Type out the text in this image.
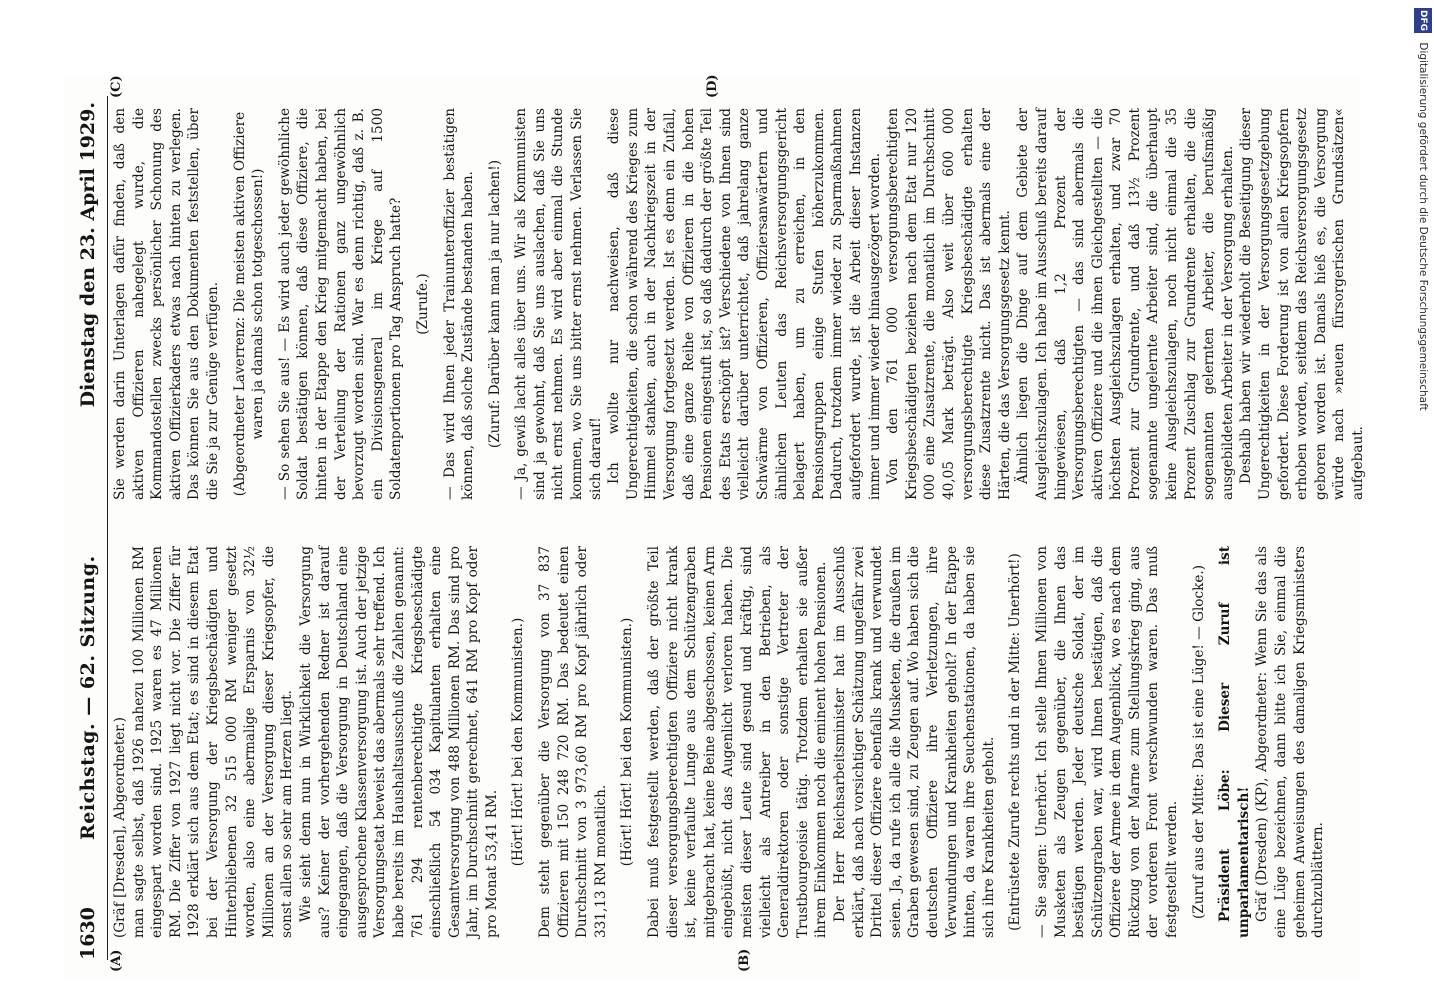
1630
Reichstag. — 62. Sitzung.
Dienstag den 23. April 1929.
(A)	(B)
(C)	(D)

(Gräf [Dresden], Abgeordneter.) man sagte selbst, daß 1926 nahezu 100 Millionen RM eingespart worden sind. 1925 waren es 47 Millionen RM. Die Ziffer von 1927 liegt nicht vor. Die Ziffer für 1928 erklärt sich aus dem Etat; es sind in diesem Etat bei der Versorgung der Kriegsbeschädigten und Hinterbliebenen 32 515 000 RM weniger gesetzt worden, also eine abermalige Ersparnis von 32½ Millionen an der Versorgung dieser Kriegsopfer, die sonst allen so sehr am Herzen liegt. Wie sieht denn nun in Wirklichkeit die Versorgung aus? Keiner der vorhergehenden Redner ist darauf eingegangen, daß die Versorgung in Deutschland eine ausgesprochene Klassenversorgung ist. Auch der jetzige Versorgungsetat beweist das abermals sehr treffend. Ich habe bereits im Haushaltsausschuß die Zahlen genannt: 761 294 rentenberechtigte Kriegsbeschädigte einschließlich 54 034 Kapitulanten erhalten eine Gesamtversorgung von 488 Millionen RM. Das sind pro Jahr, im Durchschnitt gerechnet, 641 RM pro Kopf oder pro Monat 53,41 RM. (Hört! Hört! bei den Kommunisten.) Dem steht gegenüber die Versorgung von 37 837 Offizieren mit 150 248 720 RM. Das bedeutet einen Durchschnitt von 3 973,60 RM pro Kopf jährlich oder 331,13 RM monatlich. (Hört! Hört! bei den Kommunisten.) Dabei muß festgestellt werden, daß der größte Teil dieser versorgungsberechtigten Offiziere nicht krank ist, keine verfaulte Lunge aus dem Schützengraben mitgebracht hat, keine Beine abgeschossen, keinen Arm eingebüßt, nicht das Augenlicht verloren haben. Die meisten dieser Leute sind gesund und kräftig, sind vielleicht als Antreiber in den Betrieben, als Generaldirektoren oder sonstige Vertreter der Trustbourgeoisie tätig. Trotzdem erhalten sie außer ihrem Einkommen noch die eminent hohen Pensionen. Der Herr Reichsarbeitsminister hat im Ausschuß erklärt, daß nach vorsichtiger Schätzung ungefähr zwei Drittel dieser Offiziere ebenfalls krank und verwundet seien. Ja, da rufe ich alle die Musketen, die draußen im Graben gewesen sind, zu Zeugen auf. Wo haben sich die deutschen Offiziere ihre Verletzungen, ihre Verwundungen und Krankheiten geholt? In der Etappe hinten, da waren ihre Seuchenstationen, da haben sie sich ihre Krankheiten geholt. (Entrüstete Zurufe rechts und in der Mitte: Unerhört!) — Sie sagen: Unerhört. Ich stelle Ihnen Millionen von Musketen als Zeugen gegenüber, die Ihnen das bestätigen werden. Jeder deutsche Soldat, der im Schützengraben war, wird Ihnen bestätigen, daß die Offiziere der Armee in dem Augenblick, wo es nach dem Rückzug von der Marne zum Stellungskrieg ging, aus der vorderen Front verschwunden waren. Das muß festgestellt werden. (Zuruf aus der Mitte: Das ist eine Lüge! — Glocke.) Präsident Löbe: Dieser Zuruf ist unparlamentarisch! Gräf (Dresden) (KP), Abgeordneter: Wenn Sie das als eine Lüge bezeichnen, dann bitte ich Sie, einmal die geheimen Anweisungen des damaligen Kriegsministers durchzublättern.

Sie werden darin Unterlagen dafür finden, daß den aktiven Offizieren nahegelegt wurde, die Kommandostellen zwecks persönlicher Schonung des aktiven Offizierkaders etwas nach hinten zu verlegen. Das können Sie aus den Dokumenten feststellen, über die Sie ja zur Genüge verfügen. (Abgeordneter Laverrenz: Die meisten aktiven Offiziere waren ja damals schon totgeschossen!) — So sehen Sie aus! — Es wird auch jeder gewöhnliche Soldat bestätigen können, daß diese Offiziere, die hinten in der Etappe den Krieg mitgemacht haben, bei der Verteilung der Rationen ganz ungewöhnlich bevorzugt worden sind. War es denn richtig, daß z. B. ein Divisionsgeneral im Kriege auf 1500 Soldatenportionen pro Tag Anspruch hatte? (Zurufe.) — Das wird Ihnen jeder Trainunteroffizier bestätigen können, daß solche Zustände bestanden haben. (Zuruf: Darüber kann man ja nur lachen!) — Ja, gewiß lacht alles über uns. Wir als Kommunisten sind ja gewohnt, daß Sie uns auslachen, daß Sie uns nicht ernst nehmen. Es wird aber einmal die Stunde kommen, wo Sie uns bitter ernst nehmen. Verlassen Sie sich darauf! Ich wollte nur nachweisen, daß diese Ungerechtigkeiten, die schon während des Krieges zum Himmel stanken, auch in der Nachkriegszeit in der Versorgung fortgesetzt werden. Ist es denn ein Zufall, daß eine ganze Reihe von Offizieren in die hohen Pensionen eingestuft ist, so daß dadurch der größte Teil des Etats erschöpft ist? Verschiedene von Ihnen sind vielleicht darüber unterrichtet, daß jahrelang ganze Schwärme von Offizieren, Offiziersanwärtern und ähnlichen Leuten das Reichsversorgungsgericht belagert haben, um zu erreichen, in den Pensionsgruppen einige Stufen höherzukommen. Dadurch, trotzdem immer wieder zu Sparmaßnahmen aufgefordert wurde, ist die Arbeit dieser Instanzen immer und immer wieder hinausgezögert worden. Von den 761 000 versorgungsberechtigten Kriegsbeschädigten beziehen nach dem Etat nur 120 000 eine Zusatzrente, die monatlich im Durchschnitt 40,05 Mark beträgt. Also weit über 600 000 versorgungsberechtigte Kriegsbeschädigte erhalten diese Zusatzrente nicht. Das ist abermals eine der Härten, die das Versorgungsgesetz kennt. Ähnlich liegen die Dinge auf dem Gebiete der Ausgleichszulagen. Ich habe im Ausschuß bereits darauf hingewiesen, daß 1,2 Prozent der Versorgungsberechtigten — das sind abermals die aktiven Offiziere und die ihnen Gleichgestellten — die höchsten Ausgleichszulagen erhalten, und zwar 70 Prozent zur Grundrente, und daß 13½ Prozent sogenannte ungelernte Arbeiter sind, die überhaupt keine Ausgleichszulagen, noch nicht einmal die 35 Prozent Zuschlag zur Grundrente erhalten, die die sogenannten gelernten Arbeiter, die berufsmäßig ausgebildeten Arbeiter in der Versorgung erhalten. Deshalb haben wir wiederholt die Beseitigung dieser Ungerechtigkeiten in der Versorgungsgesetzgebung gefordert. Diese Forderung ist von allen Kriegsopfern erhoben worden, seitdem das Reichsversorgungsgesetz geboren worden ist. Damals hieß es, die Versorgung würde nach »neuen fürsorgerischen Grundsätzen« aufgebaut.

DFG Digitalisierung gefördert durch die Deutsche Forschungsgemeinschaft
